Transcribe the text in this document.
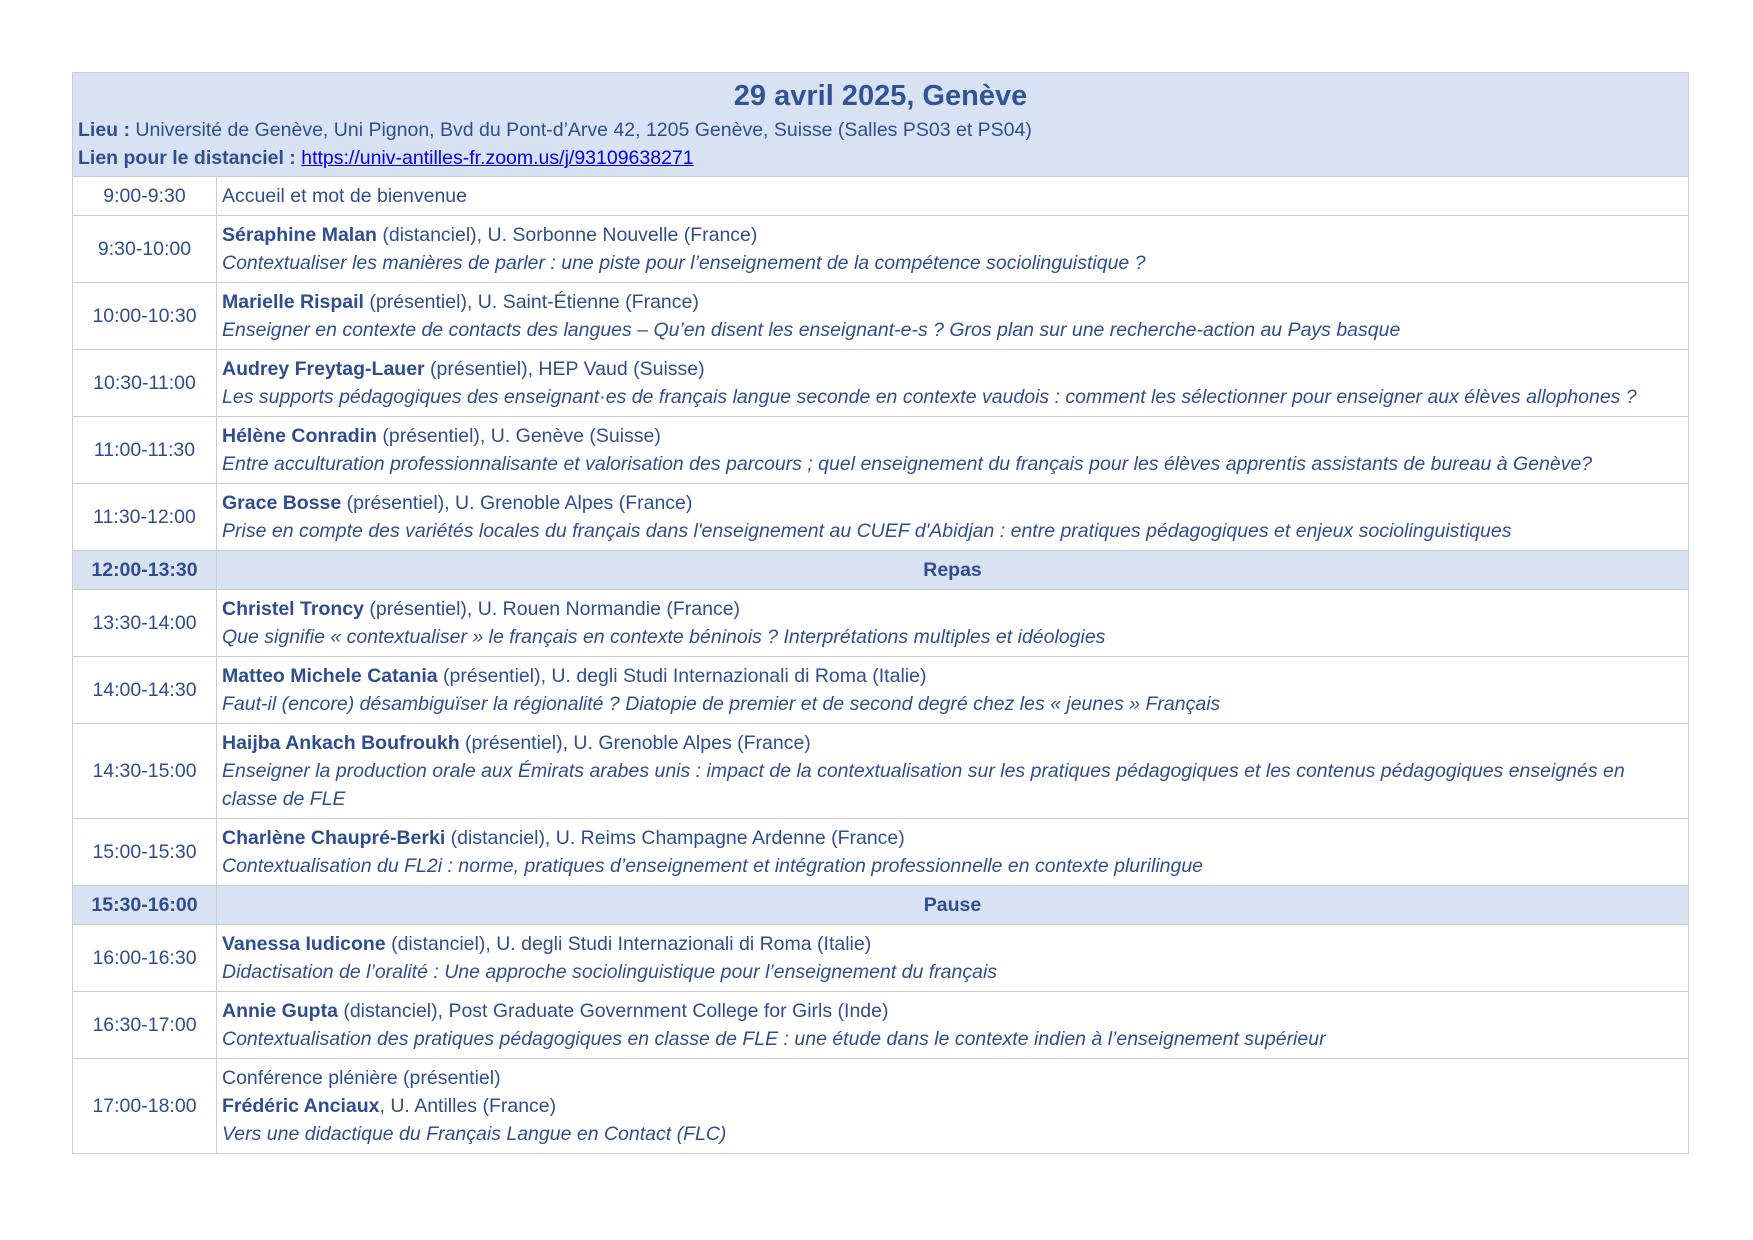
29 avril 2025, Genève
Lieu : Université de Genève, Uni Pignon, Bvd du Pont-d’Arve 42, 1205 Genève, Suisse (Salles PS03 et PS04)
Lien pour le distanciel : https://univ-antilles-fr.zoom.us/j/93109638271	

9:00-9:30	Accueil et mot de bienvenue

9:30-10:00	Séraphine Malan (distanciel), U. Sorbonne Nouvelle (France)
Contextualiser les manières de parler : une piste pour l’enseignement de la compétence sociolinguistique ?

10:00-10:30	Marielle Rispail (présentiel), U. Saint-Étienne (France)
Enseigner en contexte de contacts des langues – Qu’en disent les enseignant-e-s ? Gros plan sur une recherche-action au Pays basque

10:30-11:00	Audrey Freytag-Lauer (présentiel), HEP Vaud (Suisse)
Les supports pédagogiques des enseignant·es de français langue seconde en contexte vaudois : comment les sélectionner pour enseigner aux élèves allophones ?

11:00-11:30	Hélène Conradin (présentiel), U. Genève (Suisse)
Entre acculturation professionnalisante et valorisation des parcours ; quel enseignement du français pour les élèves apprentis assistants de bureau à Genève?

11:30-12:00	Grace Bosse (présentiel), U. Grenoble Alpes (France)
Prise en compte des variétés locales du français dans l'enseignement au CUEF d'Abidjan : entre pratiques pédagogiques et enjeux sociolinguistiques

12:00-13:30	Repas
13:30-14:00	Christel Troncy (présentiel), U. Rouen Normandie (France)
Que signifie « contextualiser » le français en contexte béninois ? Interprétations multiples et idéologies

14:00-14:30	Matteo Michele Catania (présentiel), U. degli Studi Internazionali di Roma (Italie)
Faut-il (encore) désambiguïser la régionalité ? Diatopie de premier et de second degré chez les « jeunes » Français

14:30-15:00	Haijba Ankach Boufroukh (présentiel), U. Grenoble Alpes (France)
Enseigner la production orale aux Émirats arabes unis : impact de la contextualisation sur les pratiques pédagogiques et les contenus pédagogiques enseignés en classe de FLE

15:00-15:30	Charlène Chaupré-Berki (distanciel), U. Reims Champagne Ardenne (France)
Contextualisation du FL2i : norme, pratiques d’enseignement et intégration professionnelle en contexte plurilingue

15:30-16:00	Pause
16:00-16:30	Vanessa Iudicone (distanciel), U. degli Studi Internazionali di Roma (Italie)
Didactisation de l’oralité : Une approche sociolinguistique pour l’enseignement du français

16:30-17:00	Annie Gupta (distanciel), Post Graduate Government College for Girls (Inde)
Contextualisation des pratiques pédagogiques en classe de FLE : une étude dans le contexte indien à l’enseignement supérieur

17:00-18:00	Conférence plénière (présentiel)
Frédéric Anciaux, U. Antilles (France)
Vers une didactique du Français Langue en Contact (FLC)
